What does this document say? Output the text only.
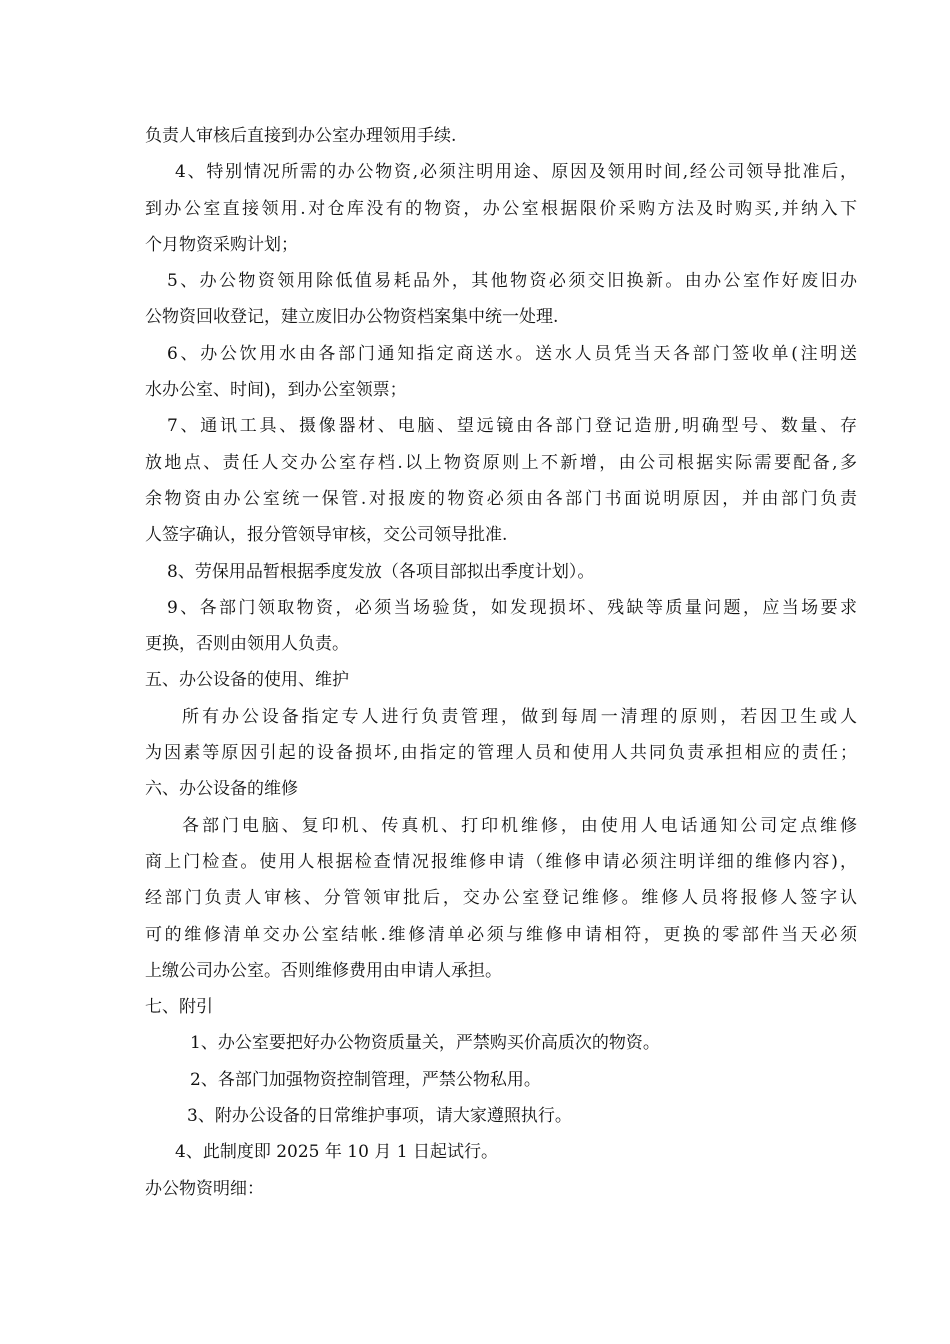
负责人审核后直接到办公室办理领用手续.
4、特别情况所需的办公物资,必须注明用途、原因及领用时间,经公司领导批准后，
到办公室直接领用.对仓库没有的物资，办公室根据限价采购方法及时购买,并纳入下
个月物资采购计划；
5、办公物资领用除低值易耗品外，其他物资必须交旧换新。由办公室作好废旧办
公物资回收登记，建立废旧办公物资档案集中统一处理.
6、办公饮用水由各部门通知指定商送水。送水人员凭当天各部门签收单(注明送
水办公室、时间)，到办公室领票；
7、通讯工具、摄像器材、电脑、望远镜由各部门登记造册,明确型号、数量、存
放地点、责任人交办公室存档.以上物资原则上不新增，由公司根据实际需要配备,多
余物资由办公室统一保管.对报废的物资必须由各部门书面说明原因，并由部门负责
人签字确认，报分管领导审核，交公司领导批准.
8、劳保用品暂根据季度发放（各项目部拟出季度计划）。
9、各部门领取物资，必须当场验货，如发现损坏、残缺等质量问题，应当场要求
更换，否则由领用人负责。
五、办公设备的使用、维护
所有办公设备指定专人进行负责管理，做到每周一清理的原则，若因卫生或人
为因素等原因引起的设备损坏,由指定的管理人员和使用人共同负责承担相应的责任；
六、办公设备的维修
各部门电脑、复印机、传真机、打印机维修，由使用人电话通知公司定点维修
商上门检查。使用人根据检查情况报维修申请（维修申请必须注明详细的维修内容)，
经部门负责人审核、分管领审批后，交办公室登记维修。维修人员将报修人签字认
可的维修清单交办公室结帐.维修清单必须与维修申请相符，更换的零部件当天必须
上缴公司办公室。否则维修费用由申请人承担。
七、附引
1、办公室要把好办公物资质量关，严禁购买价高质次的物资。
2、各部门加强物资控制管理，严禁公物私用。
3、附办公设备的日常维护事项，请大家遵照执行。
4、此制度即 2025 年 10 月 1 日起试行。
办公物资明细：
